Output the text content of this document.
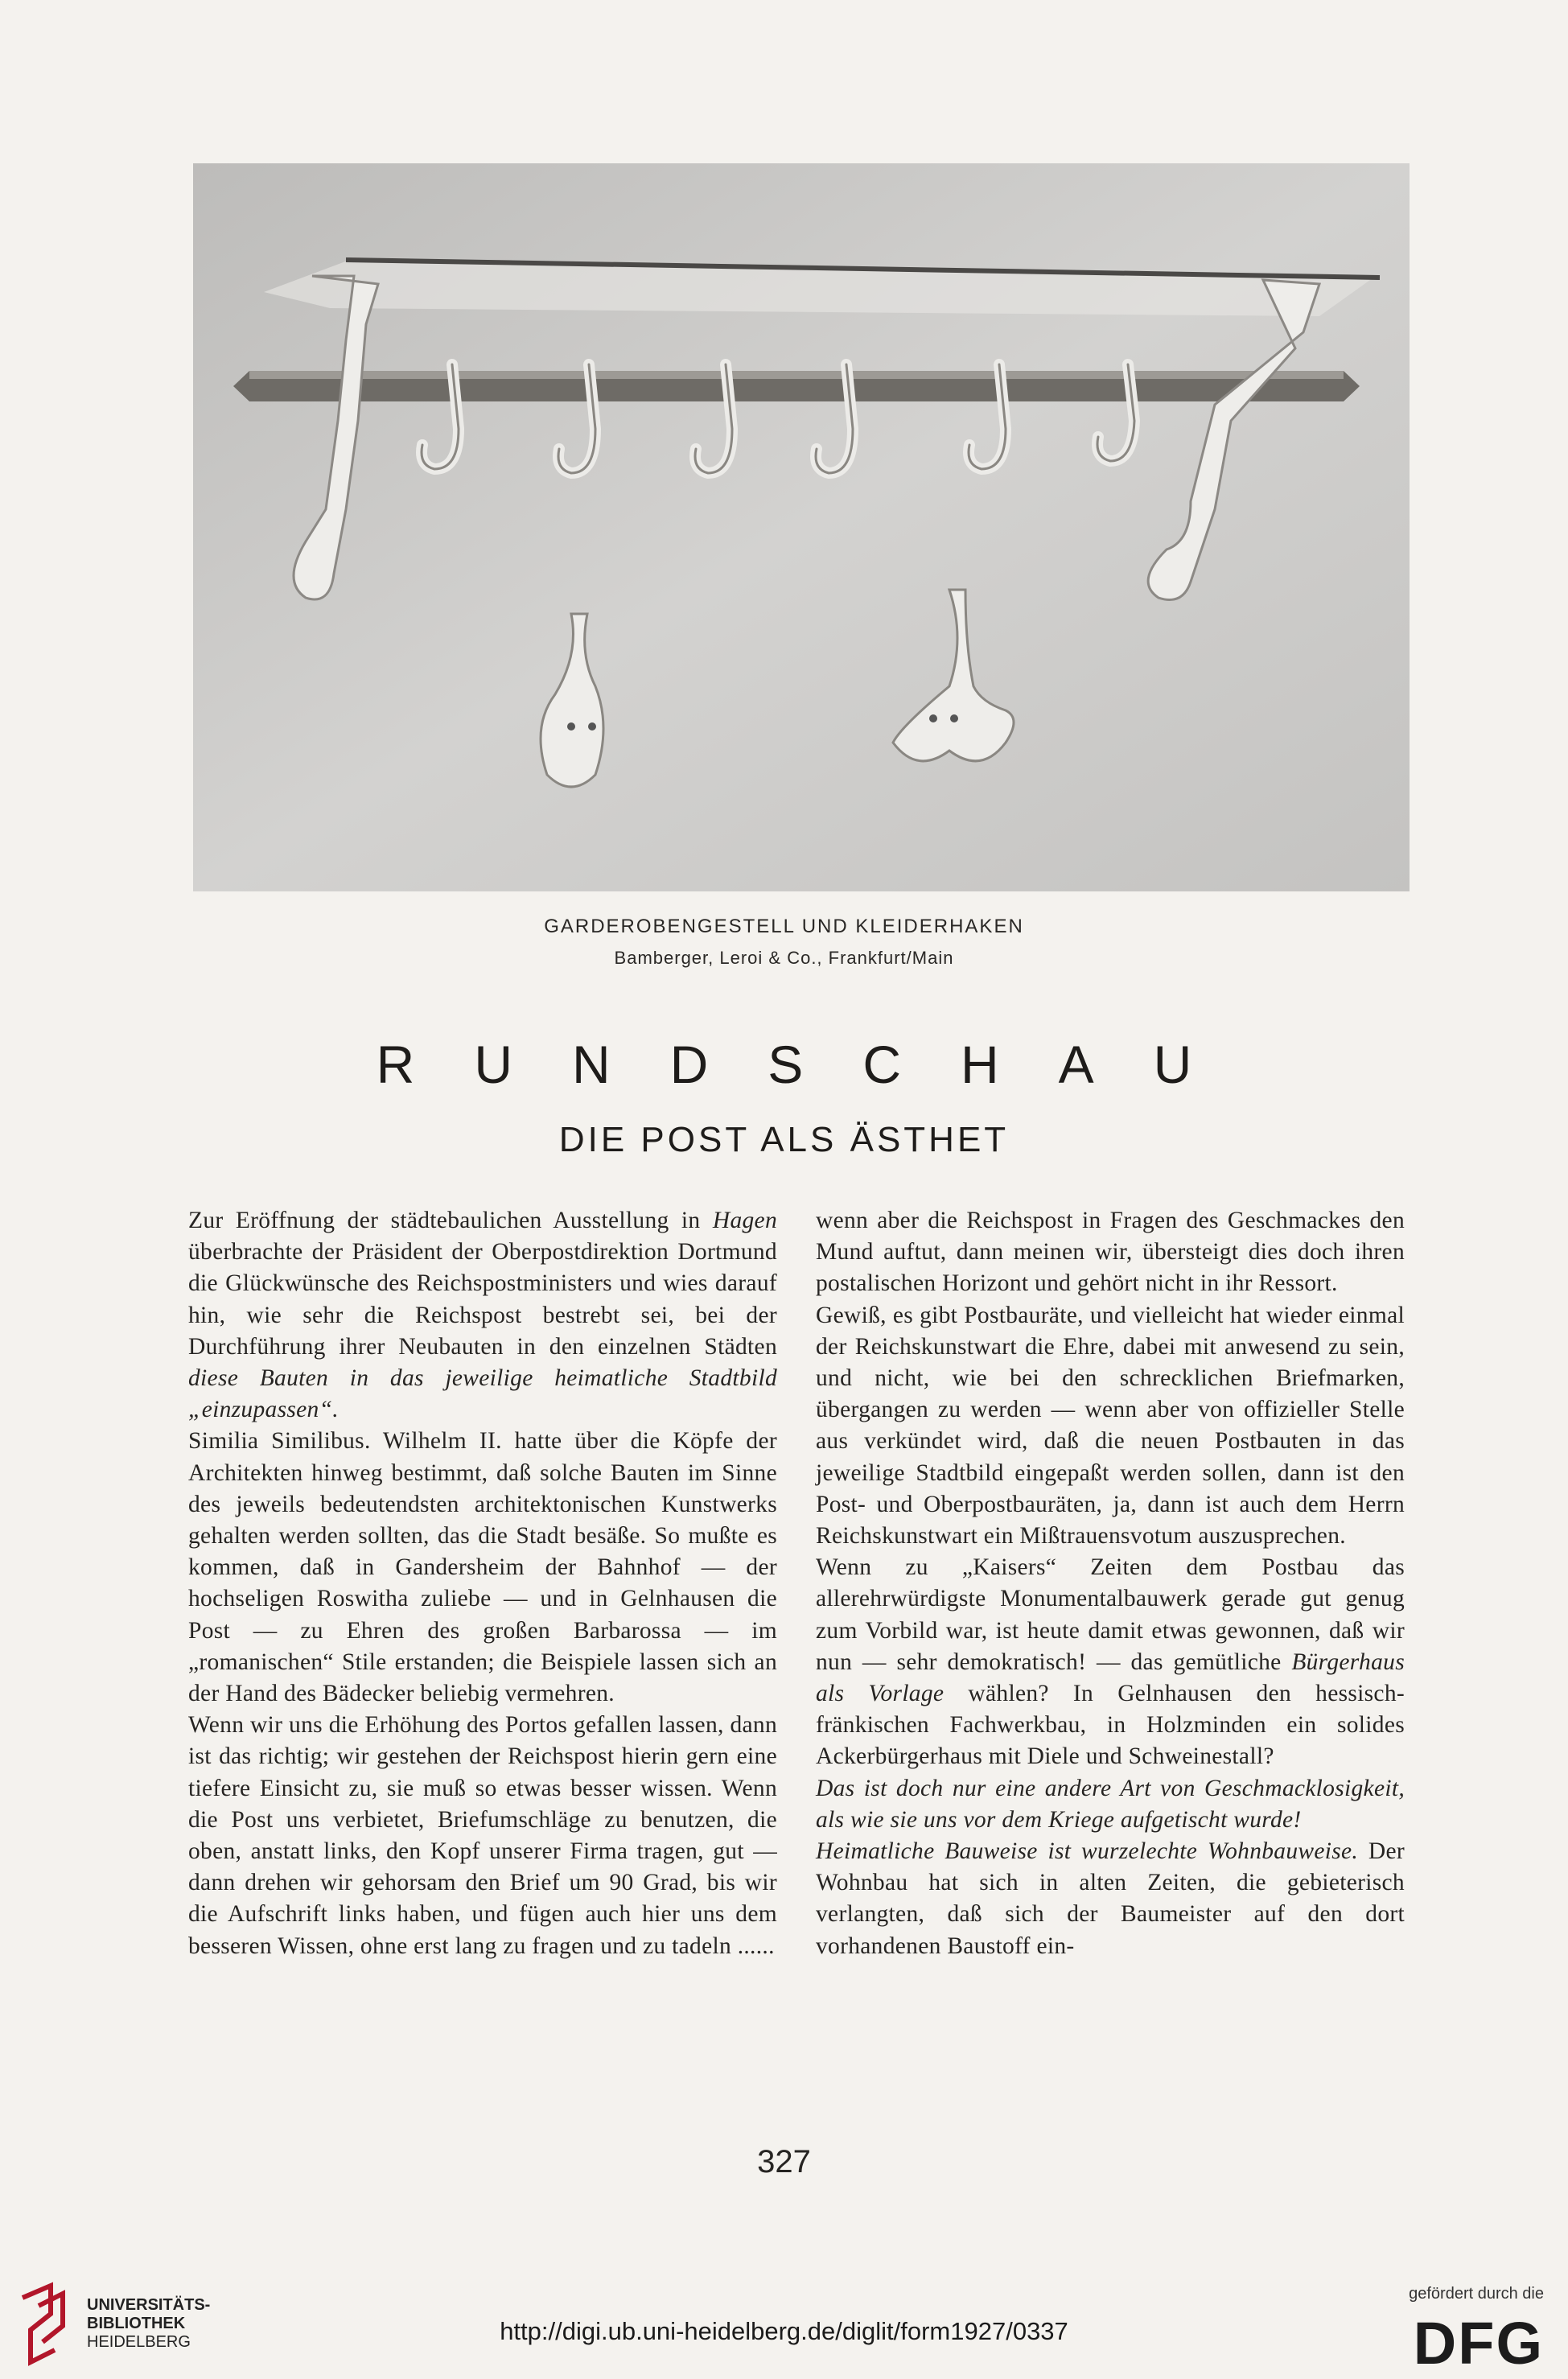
GARDEROBENGESTELL UND KLEIDERHAKEN
Bamberger, Leroi & Co., Frankfurt/Main
RUNDSCHAU
DIE POST ALS ÄSTHET

Zur Eröffnung der städtebaulichen Ausstellung in Hagen überbrachte der Präsident der Oberpostdirektion Dortmund die Glückwünsche des Reichspostministers und wies darauf hin, wie sehr die Reichspost bestrebt sei, bei der Durchführung ihrer Neubauten in den einzelnen Städten diese Bauten in das jeweilige heimatliche Stadtbild „einzupassen“.

Similia Similibus. Wilhelm II. hatte über die Köpfe der Architekten hinweg bestimmt, daß solche Bauten im Sinne des jeweils bedeutendsten architektonischen Kunstwerks gehalten werden sollten, das die Stadt besäße. So mußte es kommen, daß in Gandersheim der Bahnhof — der hochseligen Roswitha zuliebe — und in Gelnhausen die Post — zu Ehren des großen Barbarossa — im „romanischen“ Stile erstanden; die Beispiele lassen sich an der Hand des Bädecker beliebig vermehren.

Wenn wir uns die Erhöhung des Portos gefallen lassen, dann ist das richtig; wir gestehen der Reichspost hierin gern eine tiefere Einsicht zu, sie muß so etwas besser wissen. Wenn die Post uns verbietet, Briefumschläge zu benutzen, die oben, anstatt links, den Kopf unserer Firma tragen, gut — dann drehen wir gehorsam den Brief um 90 Grad, bis wir die Aufschrift links haben, und fügen auch hier uns dem besseren Wissen, ohne erst lang zu fragen und zu tadeln ......

wenn aber die Reichspost in Fragen des Geschmackes den Mund auftut, dann meinen wir, übersteigt dies doch ihren postalischen Horizont und gehört nicht in ihr Ressort.

Gewiß, es gibt Postbauräte, und vielleicht hat wieder einmal der Reichskunstwart die Ehre, dabei mit anwesend zu sein, und nicht, wie bei den schrecklichen Briefmarken, übergangen zu werden — wenn aber von offizieller Stelle aus verkündet wird, daß die neuen Postbauten in das jeweilige Stadtbild eingepaßt werden sollen, dann ist den Post- und Oberpostbauräten, ja, dann ist auch dem Herrn Reichskunstwart ein Mißtrauensvotum auszusprechen.

Wenn zu „Kaisers“ Zeiten dem Postbau das allerehrwürdigste Monumentalbauwerk gerade gut genug zum Vorbild war, ist heute damit etwas gewonnen, daß wir nun — sehr demokratisch! — das gemütliche Bürgerhaus als Vorlage wählen? In Gelnhausen den hessisch-fränkischen Fachwerkbau, in Holzminden ein solides Ackerbürgerhaus mit Diele und Schweinestall?

Das ist doch nur eine andere Art von Geschmacklosigkeit, als wie sie uns vor dem Kriege aufgetischt wurde!

Heimatliche Bauweise ist wurzelechte Wohnbauweise. Der Wohnbau hat sich in alten Zeiten, die gebieterisch verlangten, daß sich der Baumeister auf den dort vorhandenen Baustoff ein-

327
UNIVERSITÄTS-
BIBLIOTHEK
HEIDELBERG	http://digi.ub.uni-heidelberg.de/diglit/form1927/0337
gefördert durch die
DFG
